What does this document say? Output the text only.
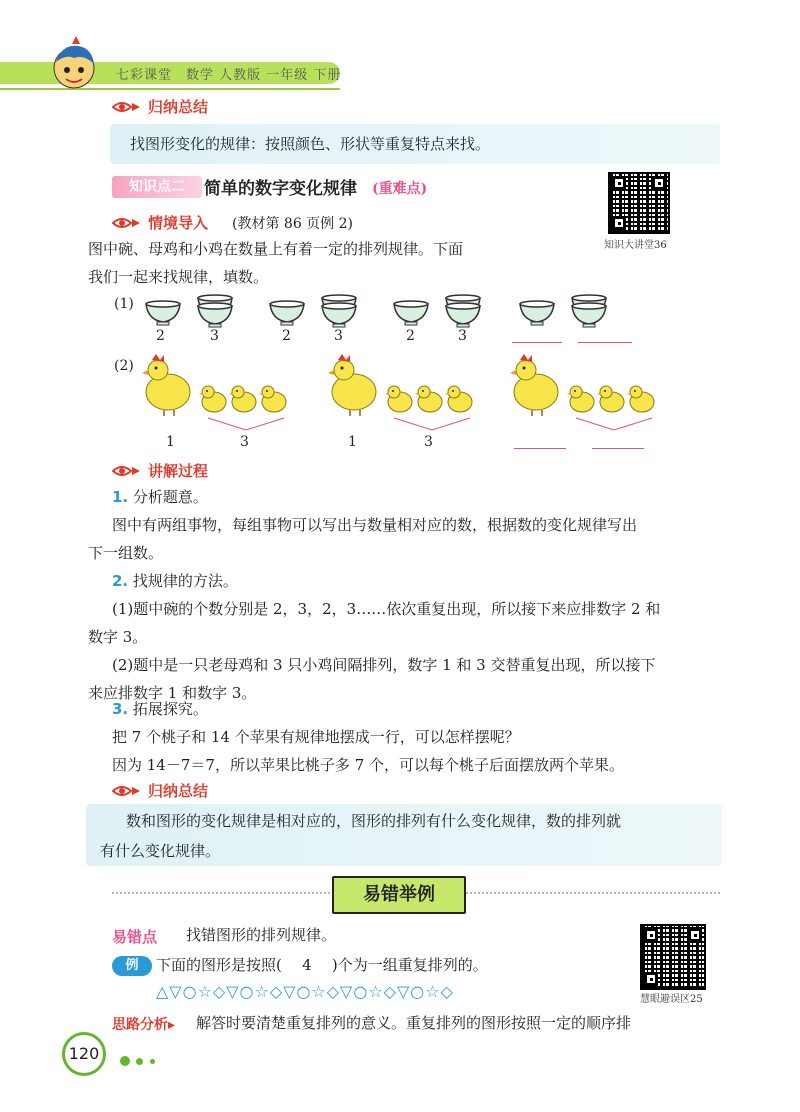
七彩课堂　数学 人教版 一年级 下册
归纳总结
找图形变化的规律：按照颜色、形状等重复特点来找。
知识点二	简单的数字变化规律 (重难点)
知识大讲堂36
情境导入 (教材第 86 页例 2)
图中碗、母鸡和小鸡在数量上有着一定的排列规律。下面
我们一起来找规律，填数。
(1)
2	3	2	3	2	3
(2)
1	3	1	3
讲解过程
1. 分析题意。
图中有两组事物，每组事物可以写出与数量相对应的数，根据数的变化规律写出
下一组数。
2. 找规律的方法。
(1)题中碗的个数分别是 2，3，2，3……依次重复出现，所以接下来应排数字 2 和
数字 3。
(2)题中是一只老母鸡和 3 只小鸡间隔排列，数字 1 和 3 交替重复出现，所以接下
来应排数字 1 和数字 3。
3. 拓展探究。
把 7 个桃子和 14 个苹果有规律地摆成一行，可以怎样摆呢？
因为 14－7＝7，所以苹果比桃子多 7 个，可以每个桃子后面摆放两个苹果。
归纳总结
数和图形的变化规律是相对应的，图形的排列有什么变化规律，数的排列就
有什么变化规律。
易错举例
易错点 找错图形的排列规律。
例	下面的图形是按照( 4 )个为一组重复排列的。
△▽○☆◇▽○☆◇▽○☆◇▽○☆◇▽○☆◇	慧眼避误区25
思路分析▸ 解答时要清楚重复排列的意义。重复排列的图形按照一定的顺序排
120
